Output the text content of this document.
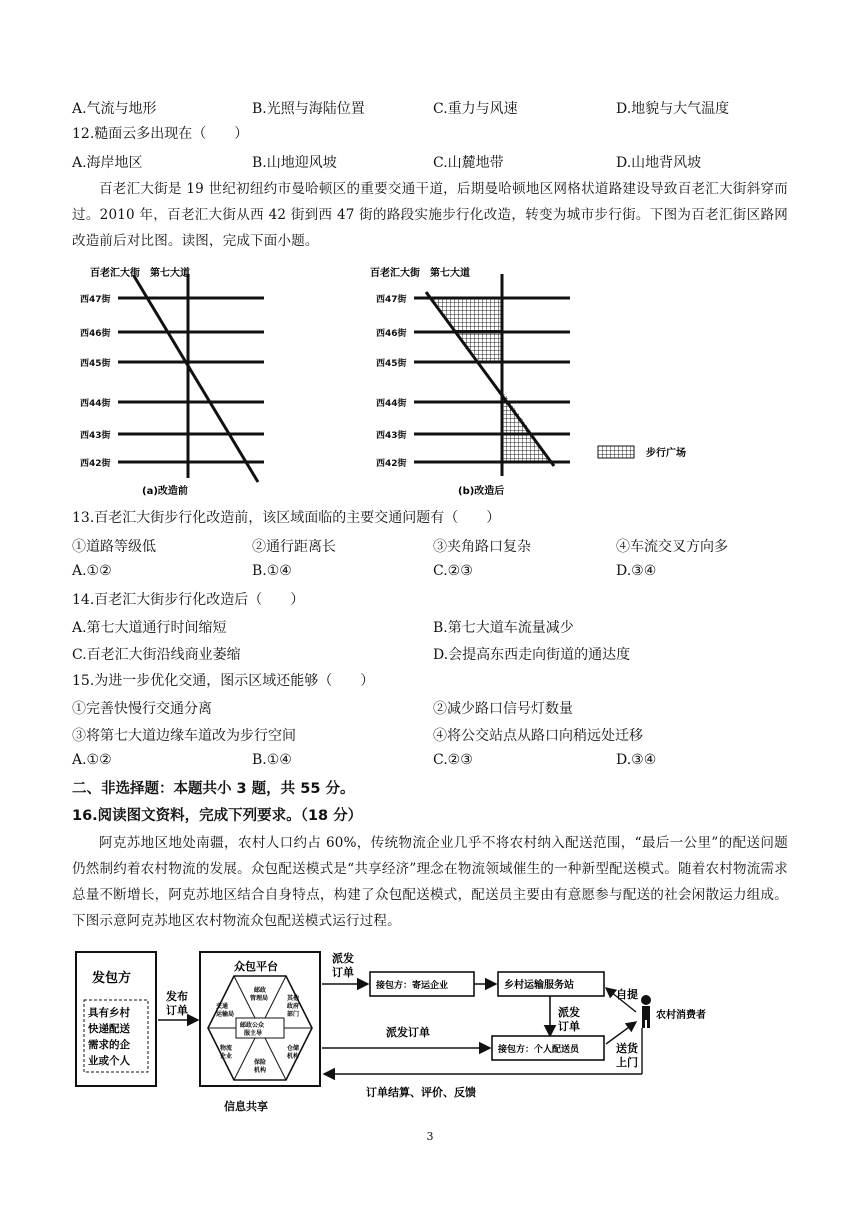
A.气流与地形	B.光照与海陆位置	C.重力与风速	D.地貌与大气温度
12.糙面云多出现在（　　）
A.海岸地区	B.山地迎风坡	C.山麓地带	D.山地背风坡
百老汇大街是 19 世纪初纽约市曼哈顿区的重要交通干道，后期曼哈顿地区网格状道路建设导致百老汇大街斜穿而过。2010 年，百老汇大街从西 42 街到西 47 街的路段实施步行化改造，转变为城市步行街。下图为百老汇街区路网改造前后对比图。读图，完成下面小题。
百老汇大街　第七大道
西47街
西46街
西45街
西44街
西43街
西42街
(a)改造前
百老汇大街　第七大道
西47街
西46街
西45街
西44街
西43街
西42街
(b)改造后
步行广场
13.百老汇大街步行化改造前，该区域面临的主要交通问题有（　　）
①道路等级低	②通行距离长	③夹角路口复杂	④车流交叉方向多
A.①②	B.①④	C.②③	D.③④
14.百老汇大街步行化改造后（　　）
A.第七大道通行时间缩短	B.第七大道车流量减少
C.百老汇大街沿线商业萎缩	D.会提高东西走向街道的通达度
15.为进一步优化交通，图示区域还能够（　　）
①完善快慢行交通分离	②减少路口信号灯数量
③将第七大道边缘车道改为步行空间	④将公交站点从路口向稍远处迁移
A.①②	B.①④	C.②③	D.③④
二、非选择题：本题共小 3 题，共 55 分。
16.阅读图文资料，完成下列要求。（18 分）
阿克苏地区地处南疆，农村人口约占 60%，传统物流企业几乎不将农村纳入配送范围，“最后一公里”的配送问题仍然制约着农村物流的发展。众包配送模式是“共享经济”理念在物流领域催生的一种新型配送模式。随着农村物流需求总量不断增长，阿克苏地区结合自身特点，构建了众包配送模式，配送员主要由有意愿参与配送的社会闲散运力组成。下图示意阿克苏地区农村物流众包配送模式运行过程。
发包方
具有乡村
快递配送
需求的企
业或个人
发布
订单
众包平台
邮政
管理局	其他
政府
部门
仓储
机构
保险
机构
物流
企业
交通
运输局
邮政公众
服主导
派发
订单
接包方：寄运企业	乡村运输服务站
自提
农村消费者
派发
订单
派发订单
接包方：个人配送员	送货
上门
订单结算、评价、反馈
信息共享
3
